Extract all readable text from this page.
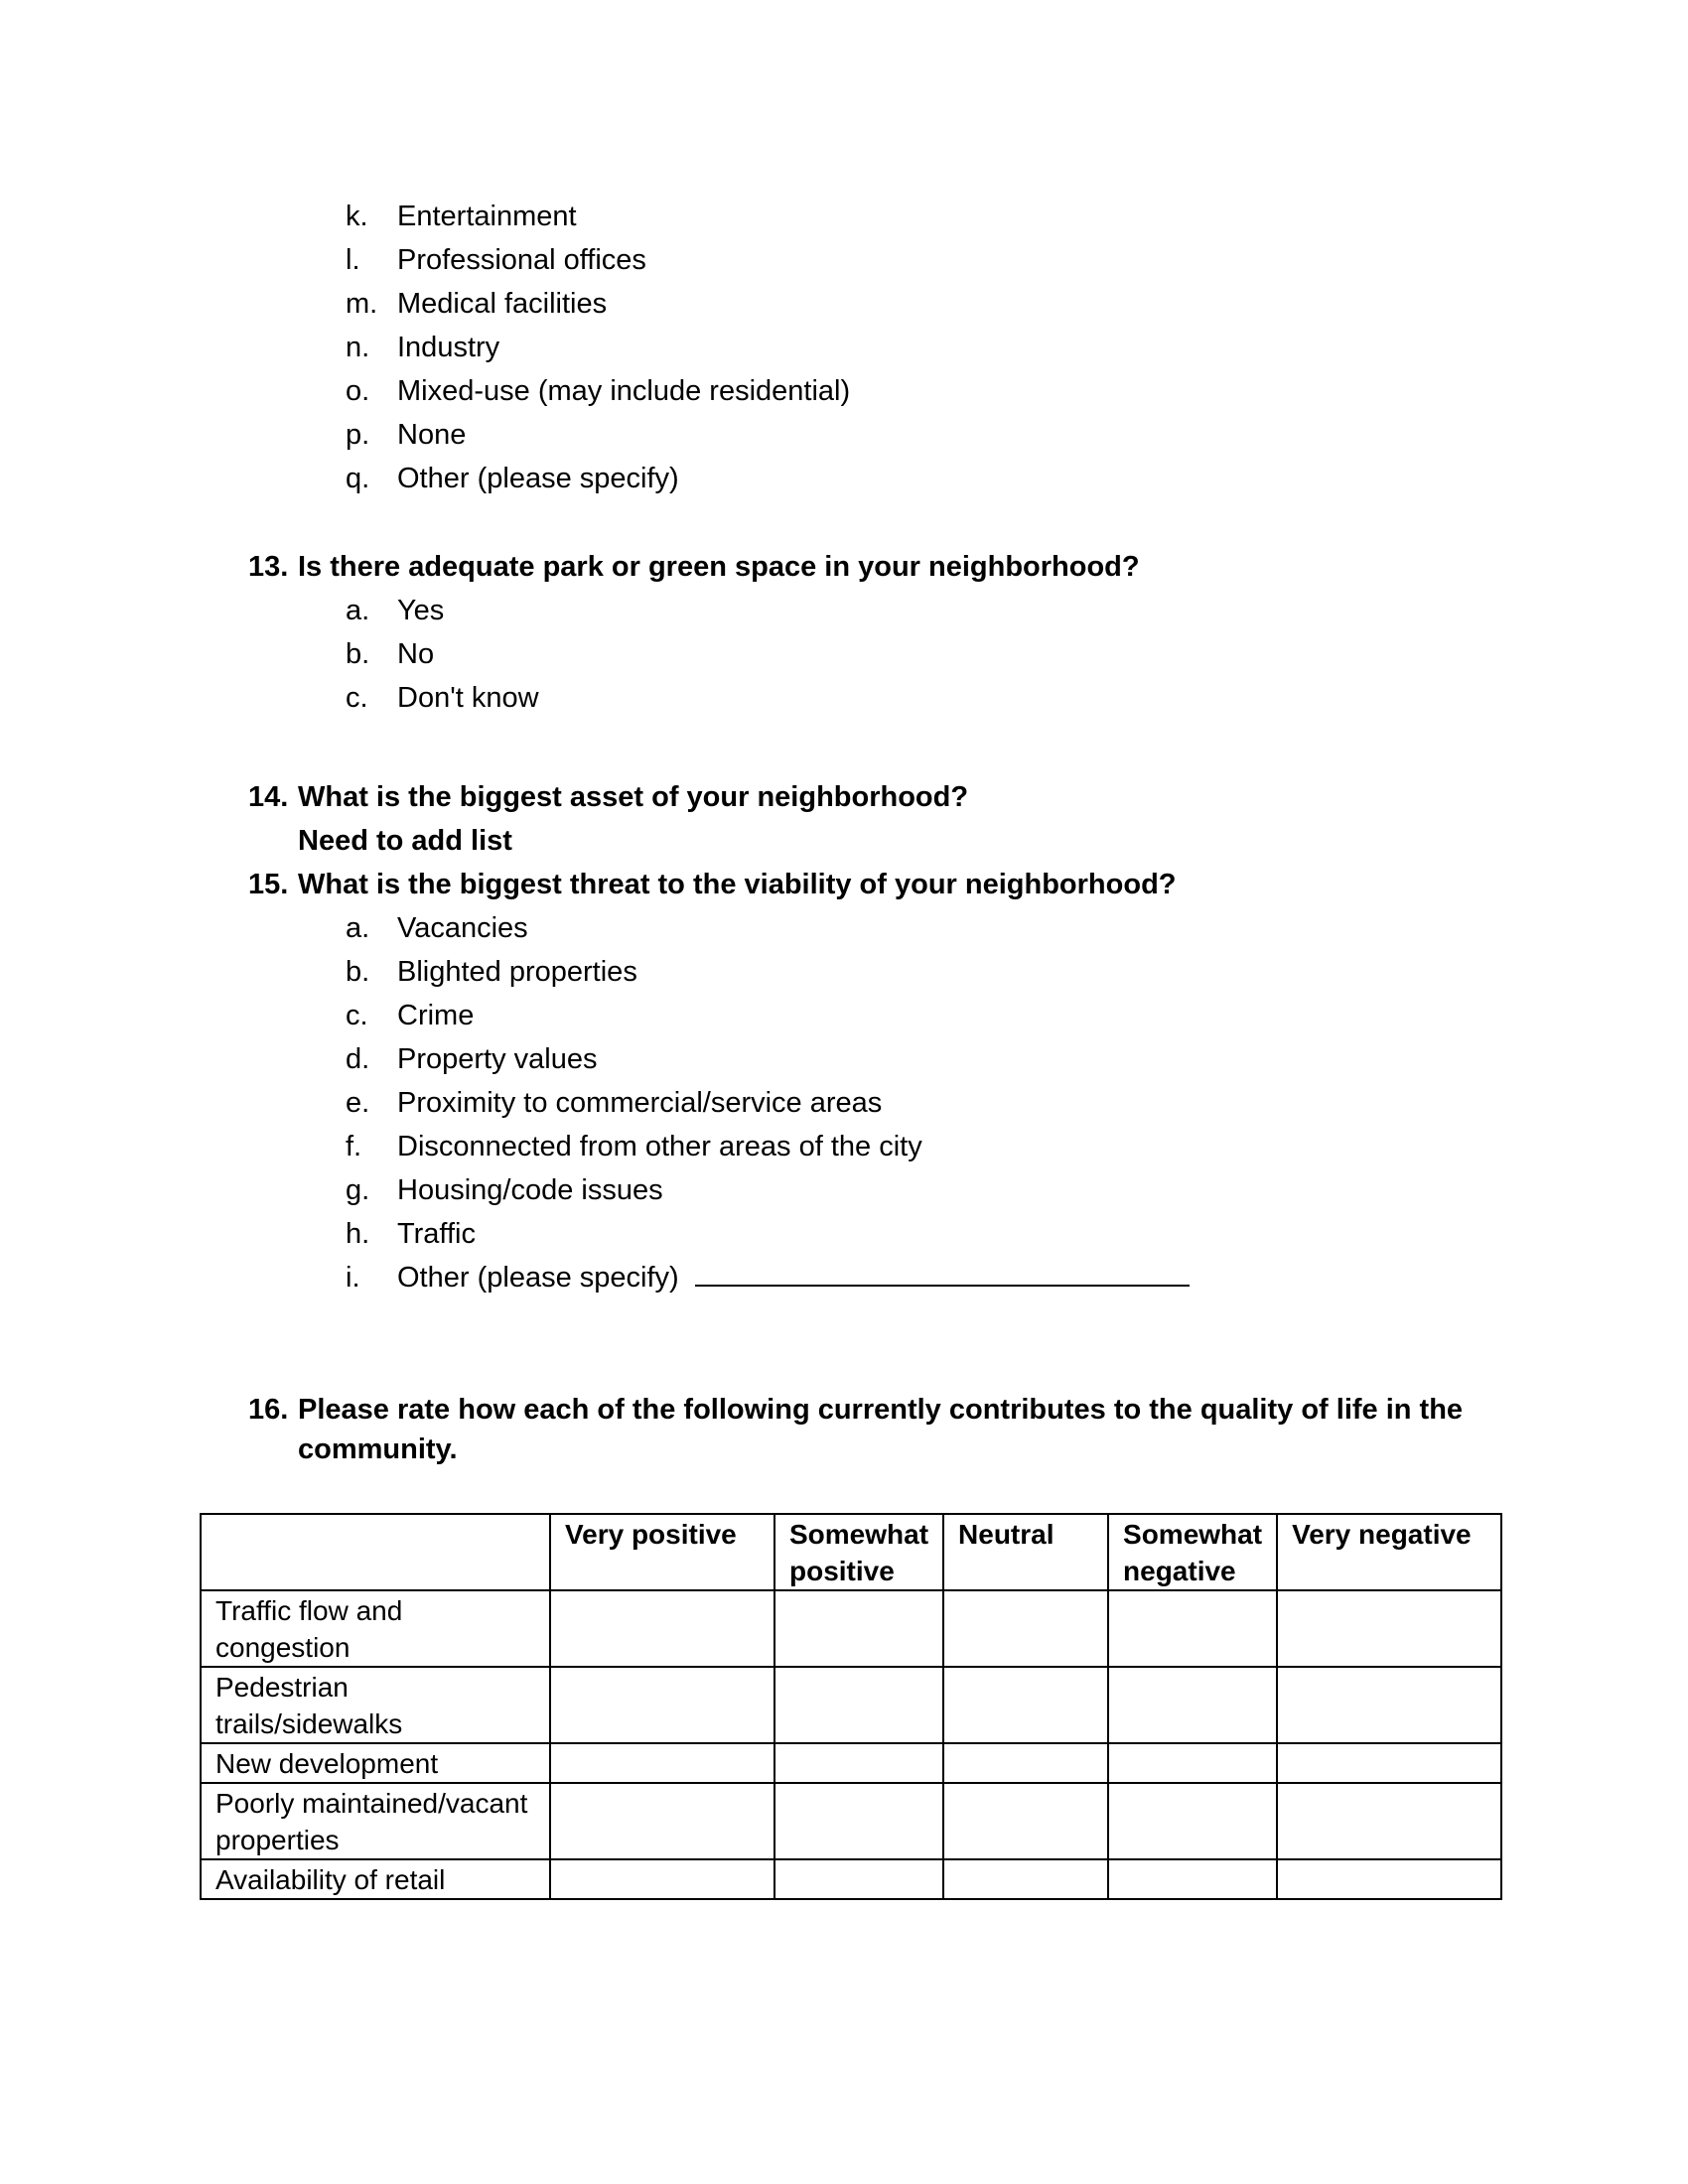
k.	Entertainment
l.	Professional offices
m. Medical facilities
n. Industry
o. Mixed-use (may include residential)
p. None
q. Other (please specify)
13. Is there adequate park or green space in your neighborhood?
a. Yes
b. No
c.	Don't know
14. What is the biggest asset of your neighborhood?
Need to add list
15. What is the biggest threat to the viability of your neighborhood?
a. Vacancies
b. Blighted properties
c.	Crime
d. Property values
e. Proximity to commercial/service areas
f.	Disconnected from other areas of the city
g. Housing/code issues
h. Traffic
i.	Other (please specify)
16. Please rate how each of the following currently contributes to the quality of life in the community.
	Very positive	Somewhat positive	Neutral	Somewhat negative	Very negative
Traffic flow and congestion					
Pedestrian trails/sidewalks					
New development					
Poorly maintained/vacant properties					
Availability of retail					
